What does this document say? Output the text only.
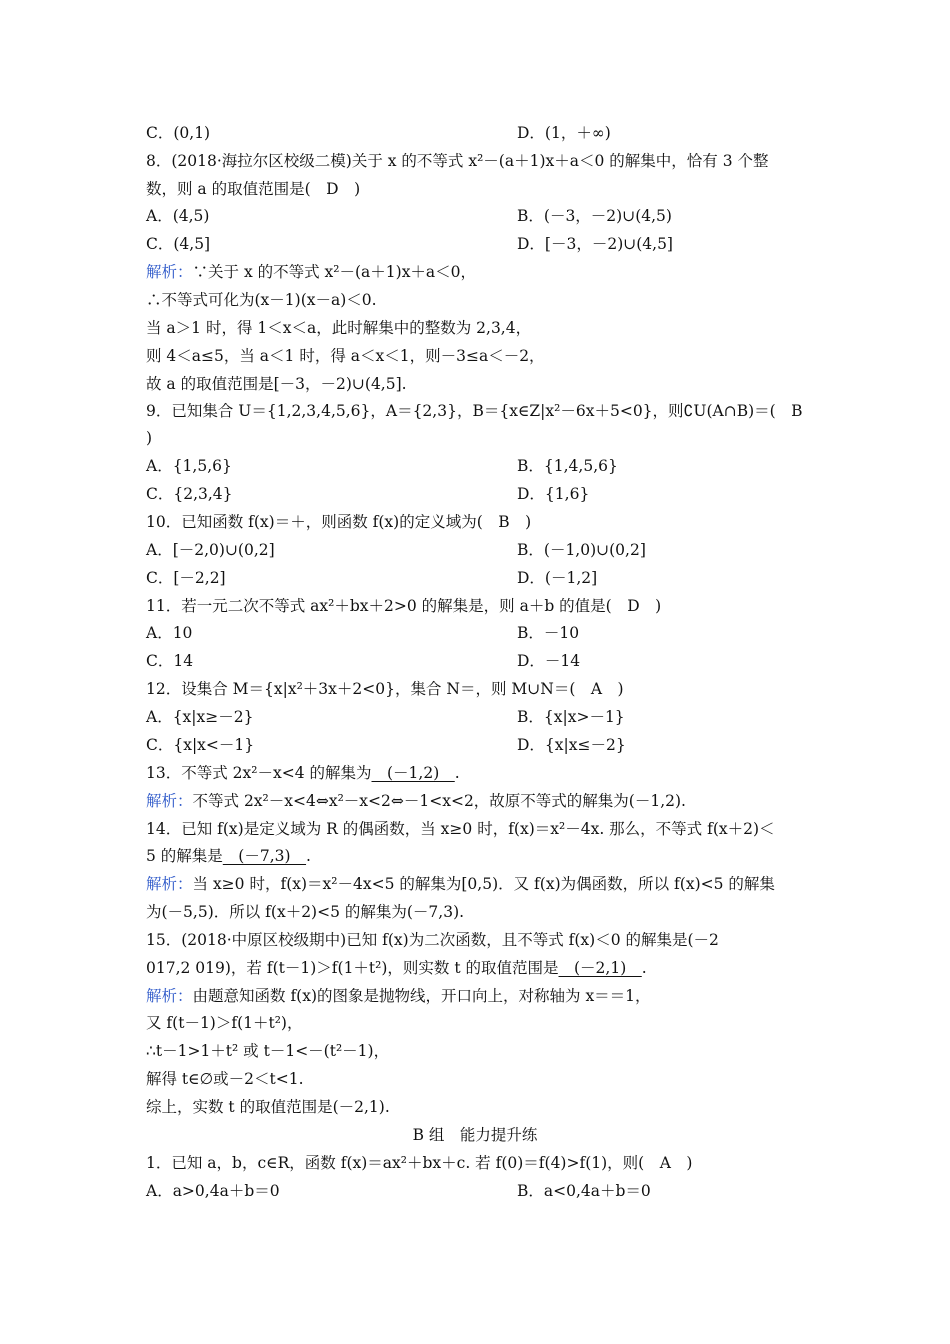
C．(0,1)	D．(1，＋∞)
8．(2018·海拉尔区校级二模)关于 x 的不等式 x²－(a＋1)x＋a＜0 的解集中，恰有 3 个整
数，则 a 的取值范围是(　D　)
A．(4,5)	B．(－3，－2)∪(4,5)
C．(4,5]	D．[－3，－2)∪(4,5]
解析：∵关于 x 的不等式 x²－(a＋1)x＋a＜0，
∴不等式可化为(x－1)(x－a)＜0.
当 a＞1 时，得 1＜x＜a，此时解集中的整数为 2,3,4，
则 4＜a≤5，当 a＜1 时，得 a＜x＜1，则－3≤a＜－2，
故 a 的取值范围是[－3，－2)∪(4,5].
9．已知集合 U＝{1,2,3,4,5,6}，A＝{2,3}，B＝{x∈Z|x²－6x＋5<0}，则∁U(A∩B)＝(　B
)
A．{1,5,6}	B．{1,4,5,6}
C．{2,3,4}	D．{1,6}
10．已知函数 f(x)＝＋，则函数 f(x)的定义域为(　B　)
A．[－2,0)∪(0,2]	B．(－1,0)∪(0,2]
C．[－2,2]	D．(－1,2]
11．若一元二次不等式 ax²＋bx＋2>0 的解集是，则 a＋b 的值是(　D　)
A．10	B．－10
C．14	D．－14
12．设集合 M＝{x|x²＋3x＋2<0}，集合 N＝，则 M∪N＝(　A　)
A．{x|x≥－2}	B．{x|x>－1}
C．{x|x<－1}	D．{x|x≤－2}
13．不等式 2x²－x<4 的解集为　(－1,2)　.
解析：不等式 2x²－x<4⇔x²－x<2⇔－1<x<2，故原不等式的解集为(－1,2).
14．已知 f(x)是定义域为 R 的偶函数，当 x≥0 时，f(x)＝x²－4x. 那么，不等式 f(x＋2)＜
5 的解集是　(－7,3)　.
解析：当 x≥0 时，f(x)＝x²－4x<5 的解集为[0,5)．又 f(x)为偶函数，所以 f(x)<5 的解集
为(－5,5)．所以 f(x＋2)<5 的解集为(－7,3).
15．(2018·中原区校级期中)已知 f(x)为二次函数，且不等式 f(x)＜0 的解集是(－2
017,2 019)，若 f(t－1)＞f(1＋t²)，则实数 t 的取值范围是　(－2,1)　.
解析：由题意知函数 f(x)的图象是抛物线，开口向上，对称轴为 x＝＝1，
又 f(t－1)＞f(1＋t²)，
∴t－1>1＋t² 或 t－1<－(t²－1)，
解得 t∈∅或－2＜t<1.
综上，实数 t 的取值范围是(－2,1).
1．已知 a，b，c∈R，函数 f(x)＝ax²＋bx＋c. 若 f(0)＝f(4)>f(1)，则(　A　)
A．a>0,4a＋b＝0	B．a<0,4a＋b＝0
B 组　能力提升练
